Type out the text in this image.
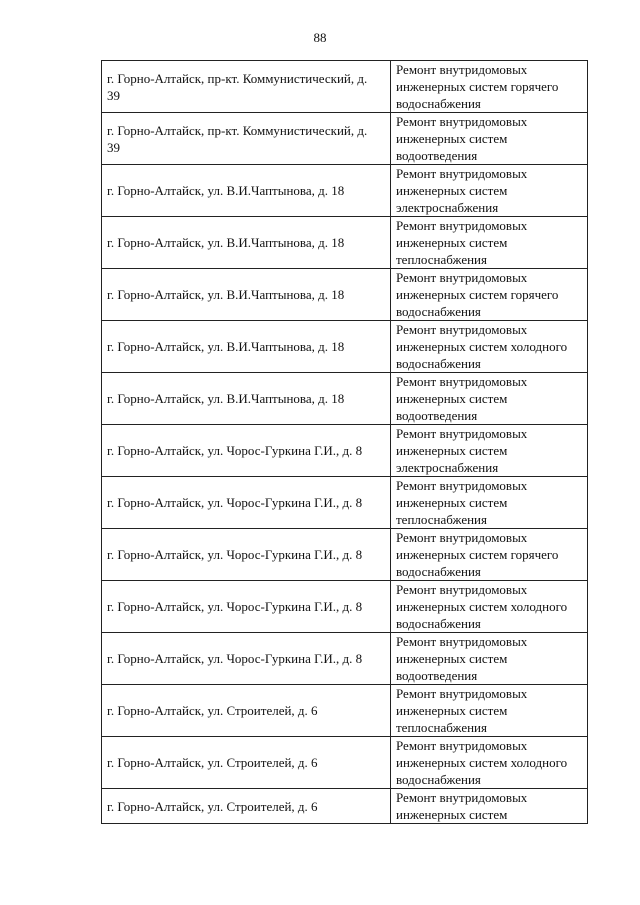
88
г. Горно-Алтайск, пр-кт. Коммунистический, д. 39	Ремонт внутридомовых инженерных систем горячего водоснабжения
г. Горно-Алтайск, пр-кт. Коммунистический, д. 39	Ремонт внутридомовых инженерных систем водоотведения
г. Горно-Алтайск, ул. В.И.Чаптынова, д. 18	Ремонт внутридомовых инженерных систем электроснабжения
г. Горно-Алтайск, ул. В.И.Чаптынова, д. 18	Ремонт внутридомовых инженерных систем теплоснабжения
г. Горно-Алтайск, ул. В.И.Чаптынова, д. 18	Ремонт внутридомовых инженерных систем горячего водоснабжения
г. Горно-Алтайск, ул. В.И.Чаптынова, д. 18	Ремонт внутридомовых инженерных систем холодного водоснабжения
г. Горно-Алтайск, ул. В.И.Чаптынова, д. 18	Ремонт внутридомовых инженерных систем водоотведения
г. Горно-Алтайск, ул. Чорос-Гуркина Г.И., д. 8	Ремонт внутридомовых инженерных систем электроснабжения
г. Горно-Алтайск, ул. Чорос-Гуркина Г.И., д. 8	Ремонт внутридомовых инженерных систем теплоснабжения
г. Горно-Алтайск, ул. Чорос-Гуркина Г.И., д. 8	Ремонт внутридомовых инженерных систем горячего водоснабжения
г. Горно-Алтайск, ул. Чорос-Гуркина Г.И., д. 8	Ремонт внутридомовых инженерных систем холодного водоснабжения
г. Горно-Алтайск, ул. Чорос-Гуркина Г.И., д. 8	Ремонт внутридомовых инженерных систем водоотведения
г. Горно-Алтайск, ул. Строителей, д. 6	Ремонт внутридомовых инженерных систем теплоснабжения
г. Горно-Алтайск, ул. Строителей, д. 6	Ремонт внутридомовых инженерных систем холодного водоснабжения
г. Горно-Алтайск, ул. Строителей, д. 6	Ремонт внутридомовых инженерных систем
